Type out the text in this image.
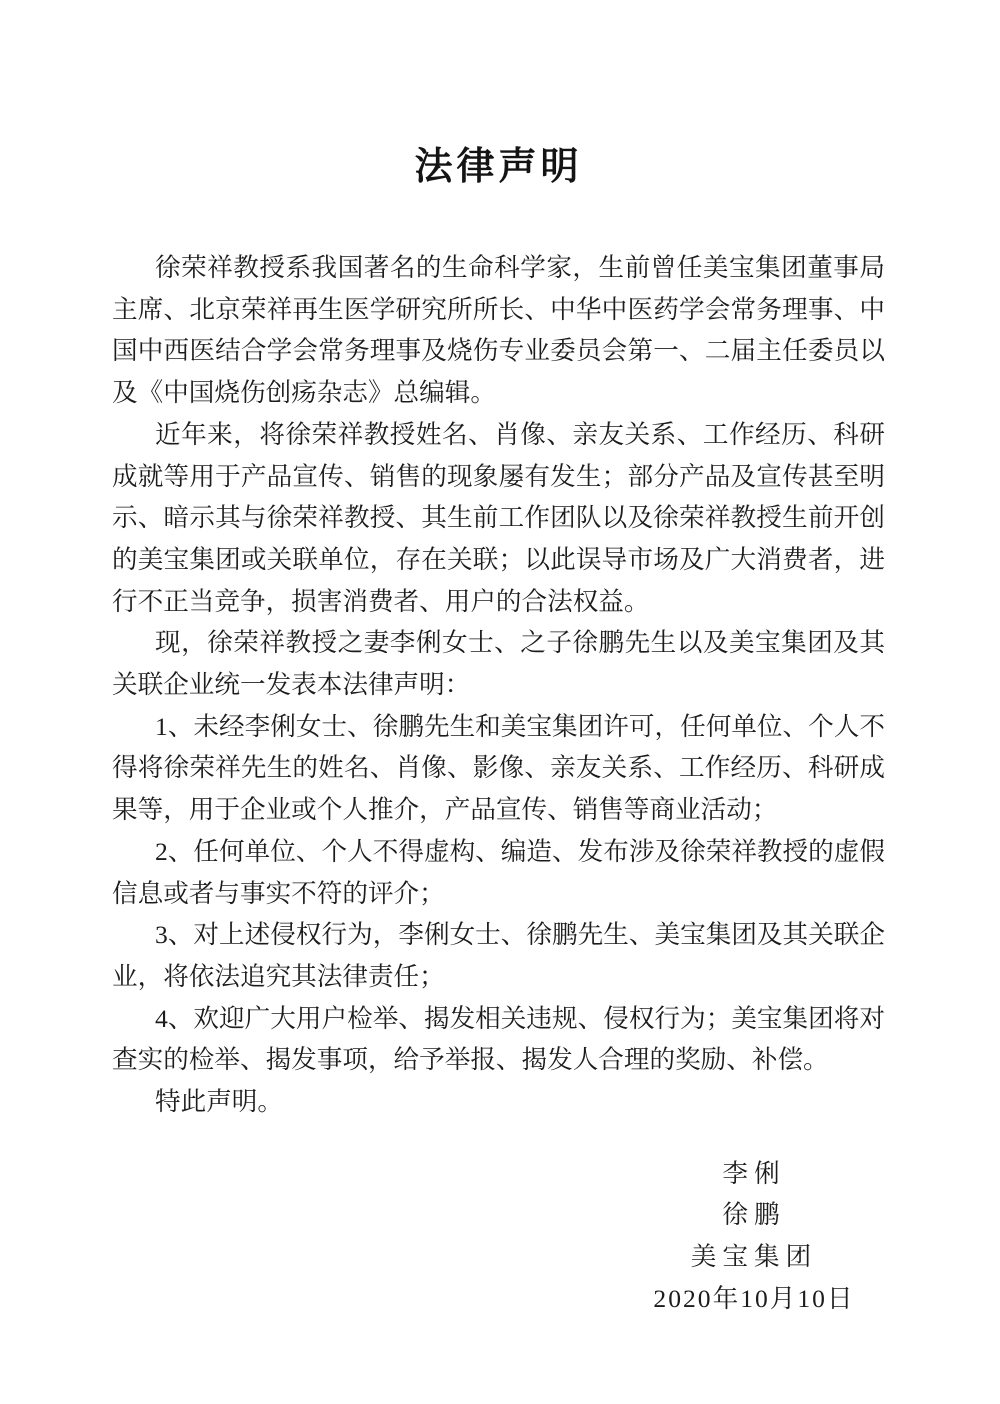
法律声明

徐荣祥教授系我国著名的生命科学家，生前曾任美宝集团董事局主席、北京荣祥再生医学研究所所长、中华中医药学会常务理事、中国中西医结合学会常务理事及烧伤专业委员会第一、二届主任委员以及《中国烧伤创疡杂志》总编辑。

近年来，将徐荣祥教授姓名、肖像、亲友关系、工作经历、科研成就等用于产品宣传、销售的现象屡有发生；部分产品及宣传甚至明示、暗示其与徐荣祥教授、其生前工作团队以及徐荣祥教授生前开创的美宝集团或关联单位，存在关联；以此误导市场及广大消费者，进行不正当竞争，损害消费者、用户的合法权益。

现，徐荣祥教授之妻李俐女士、之子徐鹏先生以及美宝集团及其关联企业统一发表本法律声明：

1、未经李俐女士、徐鹏先生和美宝集团许可，任何单位、个人不得将徐荣祥先生的姓名、肖像、影像、亲友关系、工作经历、科研成果等，用于企业或个人推介，产品宣传、销售等商业活动；

2、任何单位、个人不得虚构、编造、发布涉及徐荣祥教授的虚假信息或者与事实不符的评介；

3、对上述侵权行为，李俐女士、徐鹏先生、美宝集团及其关联企业，将依法追究其法律责任；

4、欢迎广大用户检举、揭发相关违规、侵权行为；美宝集团将对查实的检举、揭发事项，给予举报、揭发人合理的奖励、补偿。

特此声明。

李俐
徐鹏
美宝集团
2020年10月10日
